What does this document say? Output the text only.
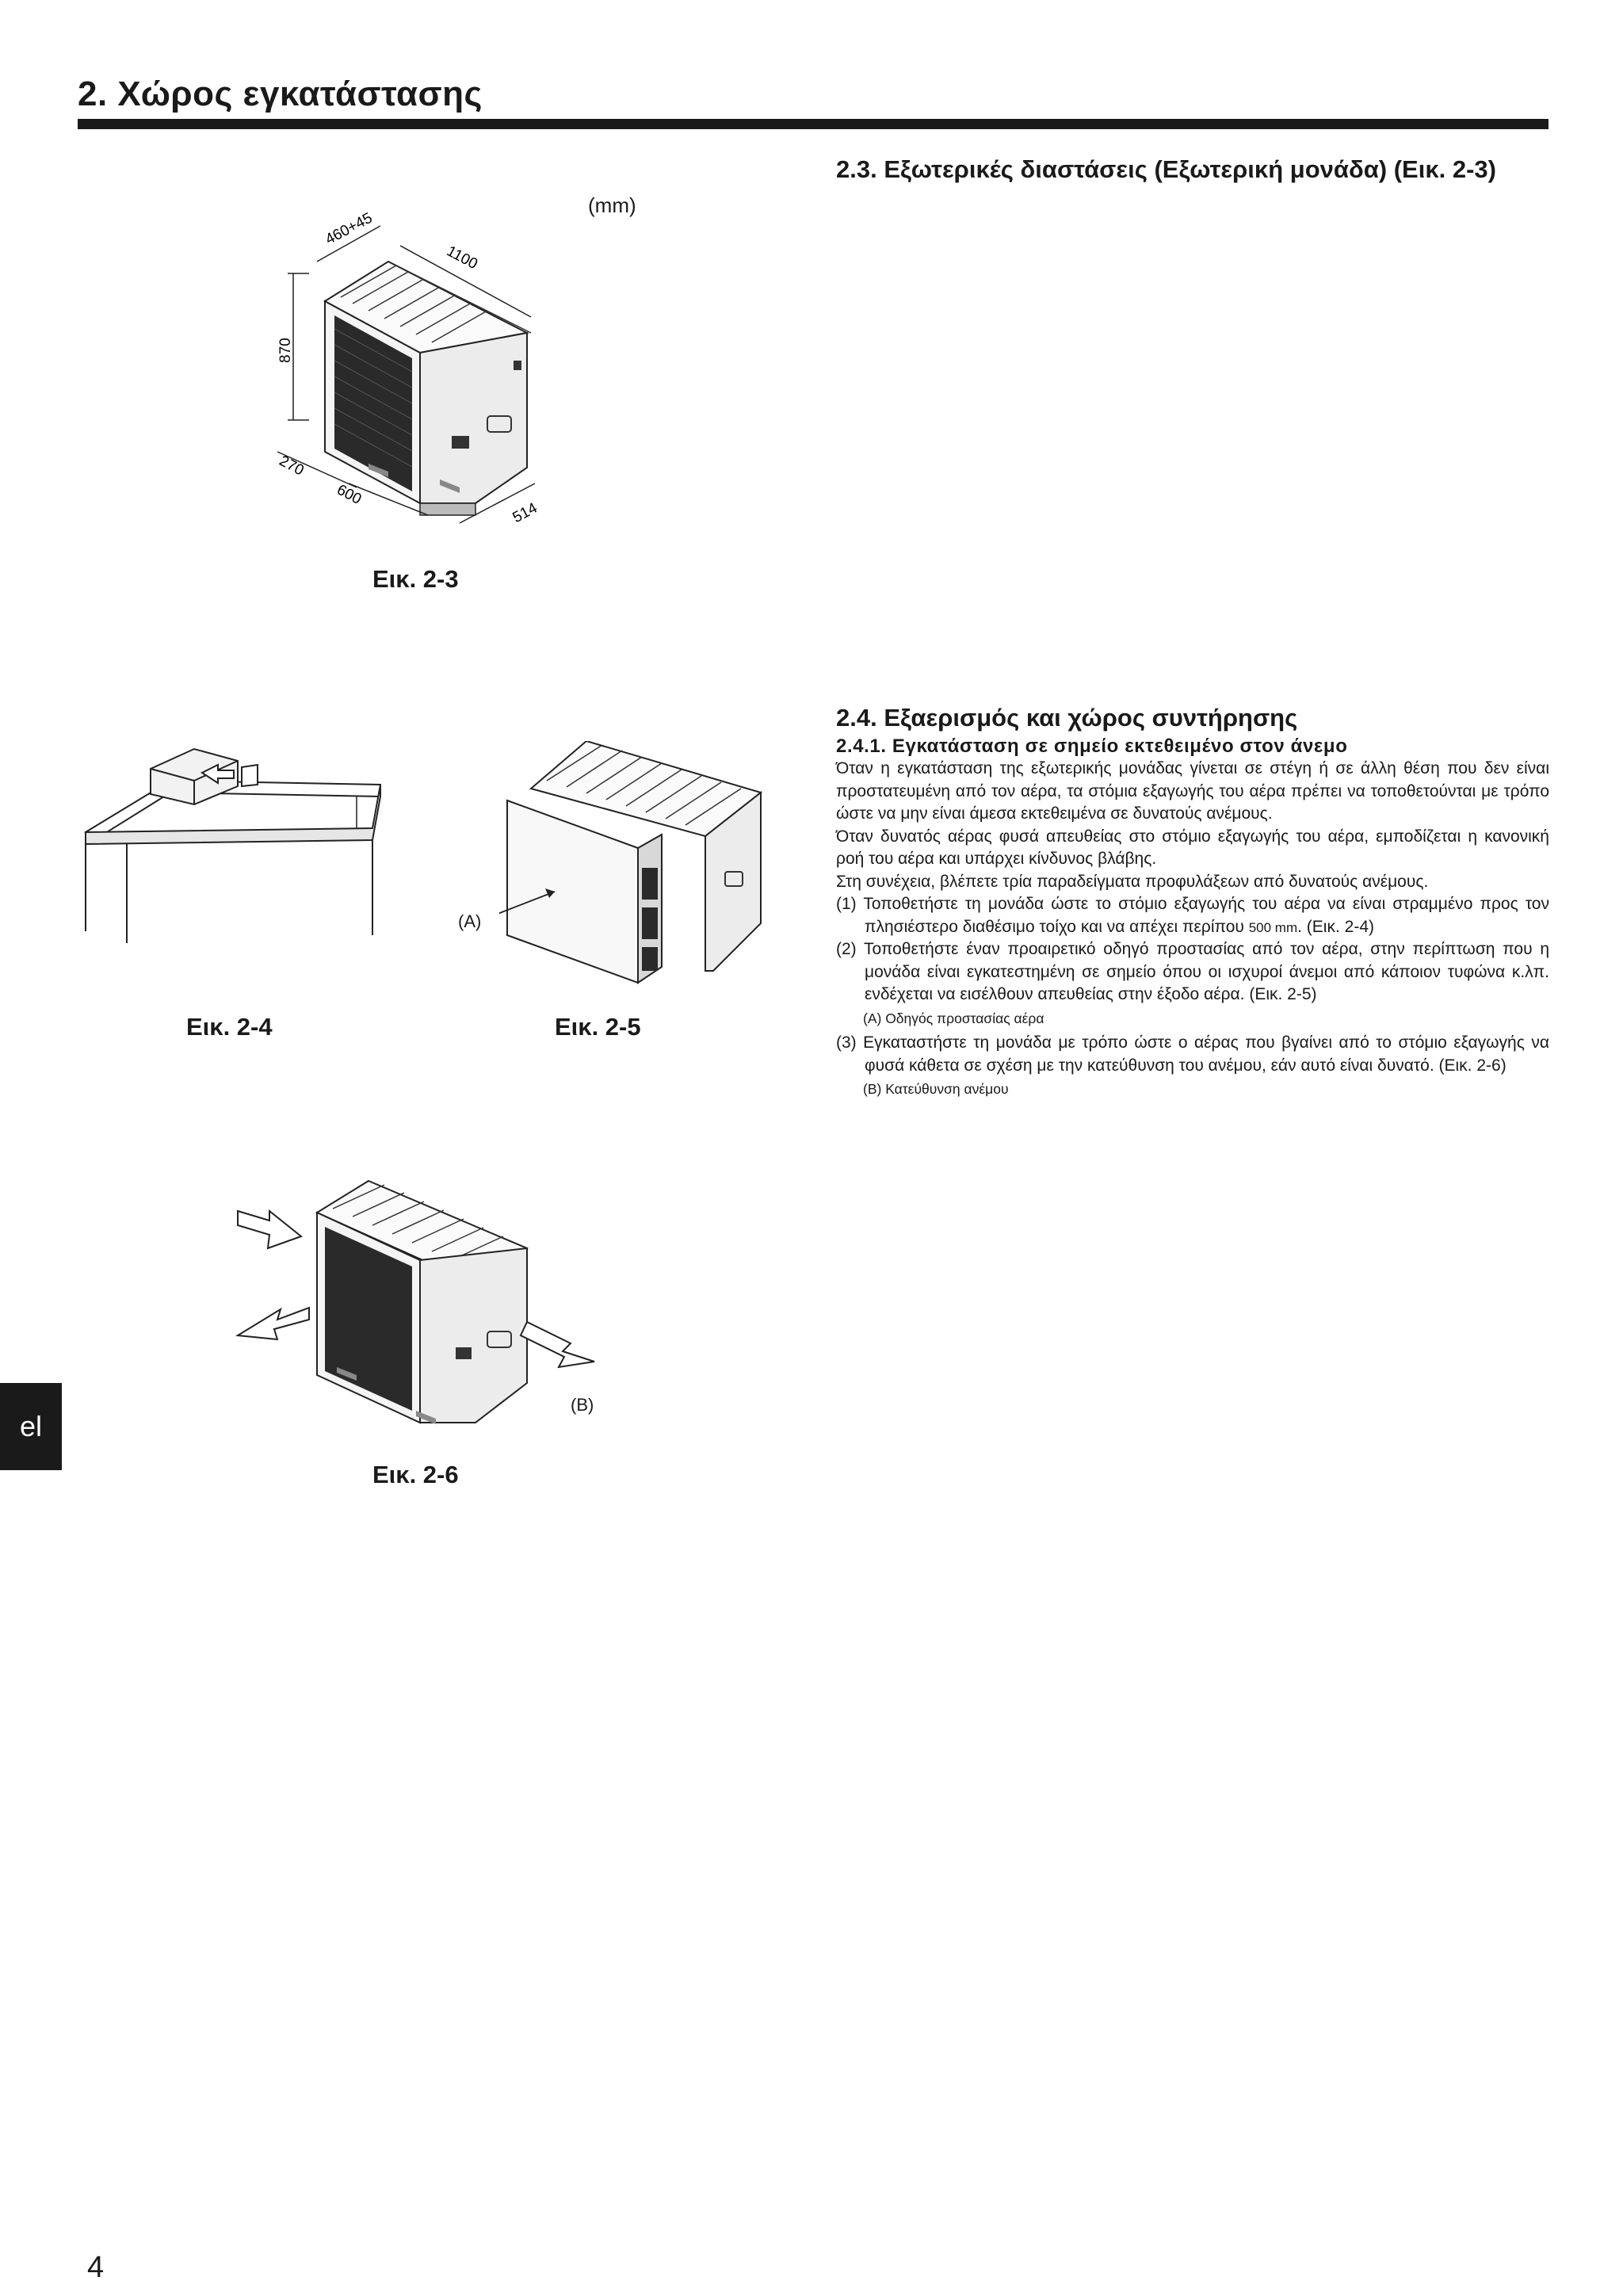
2. Χώρος εγκατάστασης
2.3. Εξωτερικές διαστάσεις (Εξωτερική μονάδα) (Εικ. 2-3)
870
460+45
1100
270
600
514
(mm)
Εικ. 2-3
2.4. Εξαερισμός και χώρος συντήρησης
2.4.1. Εγκατάσταση σε σημείο εκτεθειμένο στον άνεμο

Όταν η εγκατάσταση της εξωτερικής μονάδας γίνεται σε στέγη ή σε άλλη θέση που δεν είναι προστατευμένη από τον αέρα, τα στόμια εξαγωγής του αέρα πρέπει να τοποθετούνται με τρόπο ώστε να μην είναι άμεσα εκτεθειμένα σε δυνατούς ανέμους.

Όταν δυνατός αέρας φυσά απευθείας στο στόμιο εξαγωγής του αέρα, εμποδίζεται η κανονική ροή του αέρα και υπάρχει κίνδυνος βλάβης.

Στη συνέχεια, βλέπετε τρία παραδείγματα προφυλάξεων από δυνατούς ανέμους.

(1) Τοποθετήστε τη μονάδα ώστε το στόμιο εξαγωγής του αέρα να είναι στραμμένο προς τον πλησιέστερο διαθέσιμο τοίχο και να απέχει περίπου 500 mm. (Εικ. 2-4)

(2) Τοποθετήστε έναν προαιρετικό οδηγό προστασίας από τον αέρα, στην περίπτωση που η μονάδα είναι εγκατεστημένη σε σημείο όπου οι ισχυροί άνεμοι από κάποιον τυφώνα κ.λπ. ενδέχεται να εισέλθουν απευθείας στην έξοδο αέρα. (Εικ. 2-5)

(A) Οδηγός προστασίας αέρα

(3) Εγκαταστήστε τη μονάδα με τρόπο ώστε ο αέρας που βγαίνει από το στόμιο εξαγωγής να φυσά κάθετα σε σχέση με την κατεύθυνση του ανέμου, εάν αυτό είναι δυνατό. (Εικ. 2-6)

(B) Κατεύθυνση ανέμου
Εικ. 2-4
(A)
Εικ. 2-5
(B)
Εικ. 2-6
el
4
